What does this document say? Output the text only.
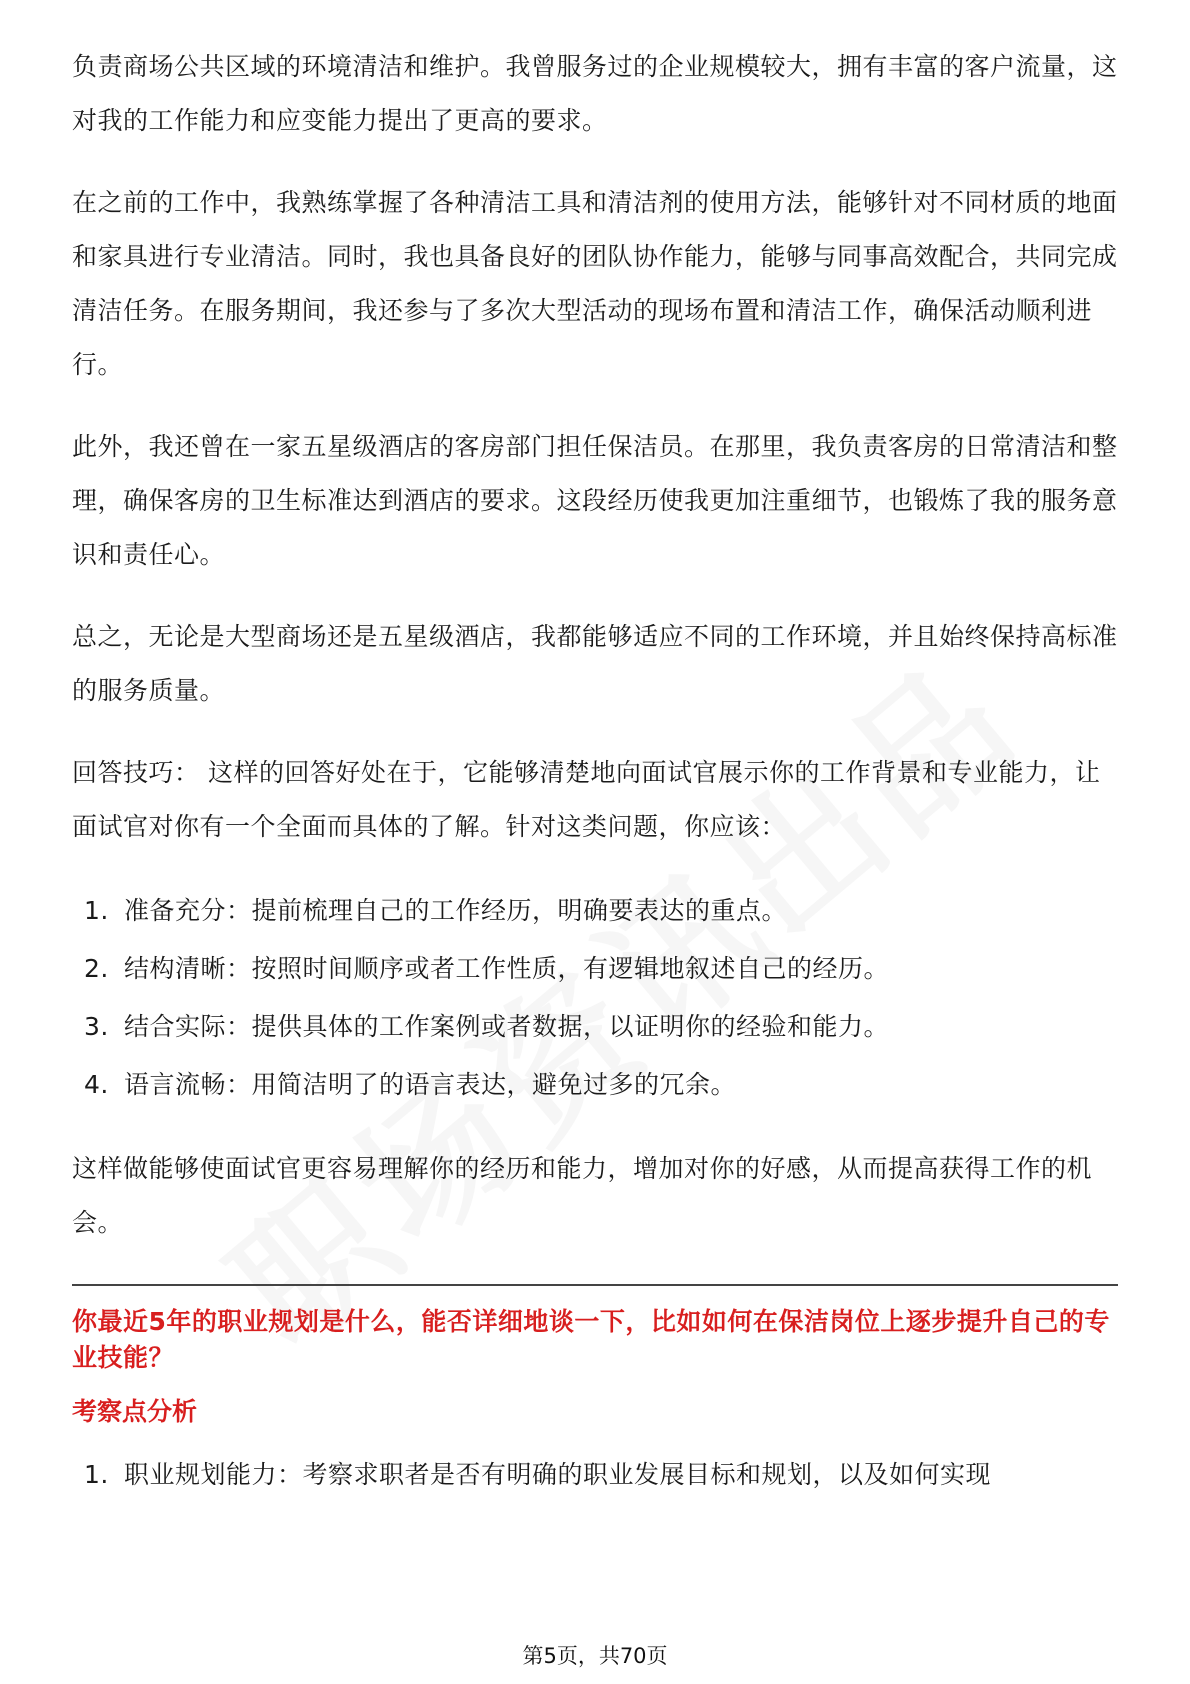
负责商场公共区域的环境清洁和维护。我曾服务过的企业规模较大，拥有丰富的客户流量，这对我的工作能力和应变能力提出了更高的要求。

在之前的工作中，我熟练掌握了各种清洁工具和清洁剂的使用方法，能够针对不同材质的地面和家具进行专业清洁。同时，我也具备良好的团队协作能力，能够与同事高效配合，共同完成清洁任务。在服务期间，我还参与了多次大型活动的现场布置和清洁工作，确保活动顺利进行。

此外，我还曾在一家五星级酒店的客房部门担任保洁员。在那里，我负责客房的日常清洁和整理，确保客房的卫生标准达到酒店的要求。这段经历使我更加注重细节，也锻炼了我的服务意识和责任心。

总之，无论是大型商场还是五星级酒店，我都能够适应不同的工作环境，并且始终保持高标准的服务质量。

回答技巧： 这样的回答好处在于，它能够清楚地向面试官展示你的工作背景和专业能力，让面试官对你有一个全面而具体的了解。针对这类问题，你应该：

1. 准备充分：提前梳理自己的工作经历，明确要表达的重点。
2. 结构清晰：按照时间顺序或者工作性质，有逻辑地叙述自己的经历。
3. 结合实际：提供具体的工作案例或者数据，以证明你的经验和能力。
4. 语言流畅：用简洁明了的语言表达，避免过多的冗余。

这样做能够使面试官更容易理解你的经历和能力，增加对你的好感，从而提高获得工作的机会。

你最近5年的职业规划是什么，能否详细地谈一下，比如如何在保洁岗位上逐步提升自己的专业技能？
考察点分析
1. 职业规划能力：考察求职者是否有明确的职业发展目标和规划，以及如何实现
第5页，共70页
